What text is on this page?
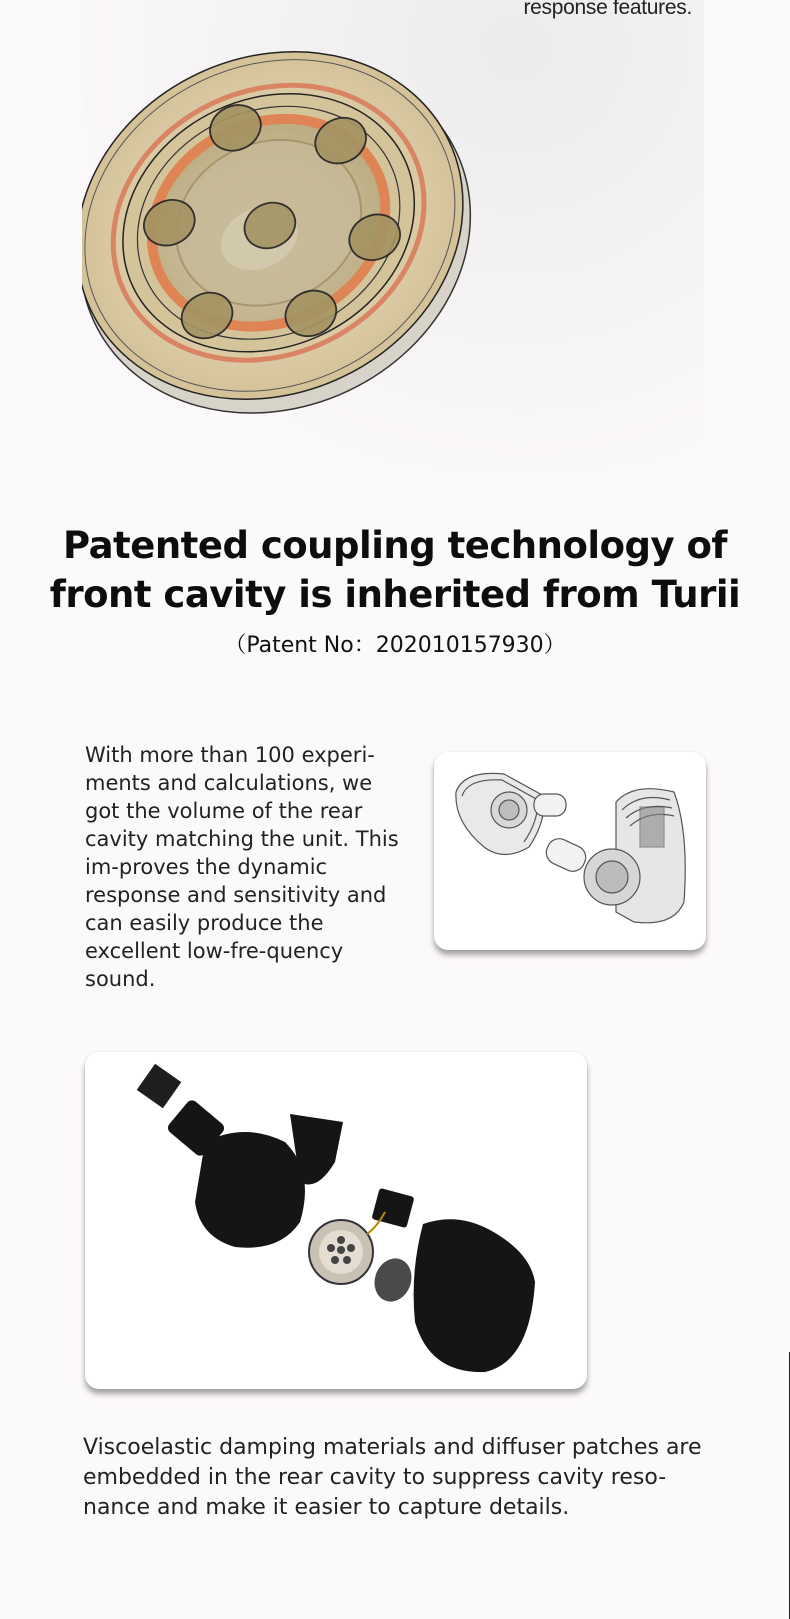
response features.
Patented coupling technology of
front cavity is inherited from Turii
（Patent No：202010157930）

With more than 100 experi-ments and calculations, we got the volume of the rear cavity matching the unit. This im-proves the dynamic response and sensitivity and can easily produce the excellent low-fre-quency sound.

Viscoelastic damping materials and diffuser patches are embedded in the rear cavity to suppress cavity reso-nance and make it easier to capture details.
